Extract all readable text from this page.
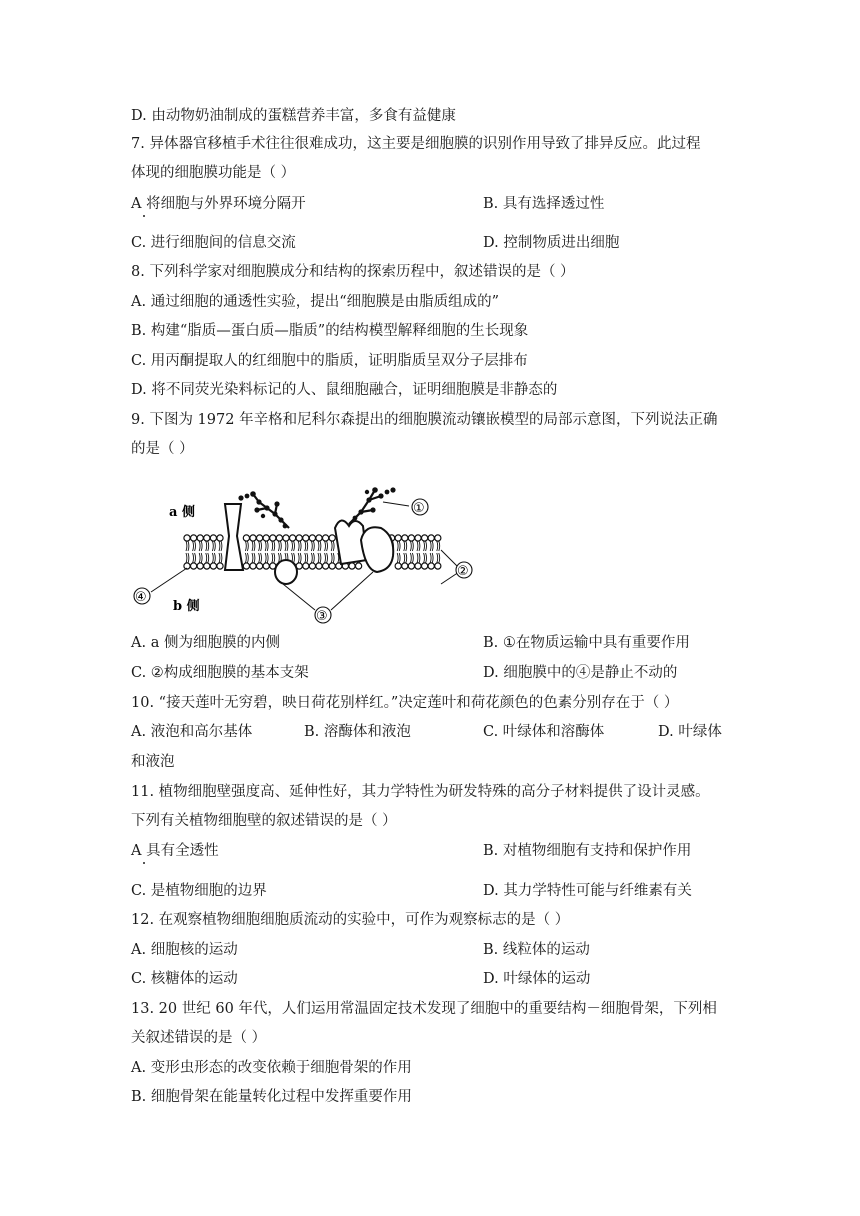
D. 由动物奶油制成的蛋糕营养丰富，多食有益健康
7. 异体器官移植手术往往很难成功，这主要是细胞膜的识别作用导致了排异反应。此过程
体现的细胞膜功能是（ ）
A 将细胞与外界环境分隔开	B. 具有选择透过性
C. 进行细胞间的信息交流	D. 控制物质进出细胞
8. 下列科学家对细胞膜成分和结构的探索历程中，叙述错误的是（ ）
A. 通过细胞的通透性实验，提出“细胞膜是由脂质组成的”
B. 构建“脂质—蛋白质—脂质”的结构模型解释细胞的生长现象
C. 用丙酮提取人的红细胞中的脂质，证明脂质呈双分子层排布
D. 将不同荧光染料标记的人、鼠细胞融合，证明细胞膜是非静态的
9. 下图为 1972 年辛格和尼科尔森提出的细胞膜流动镶嵌模型的局部示意图，下列说法正确
的是（ ）
a 侧
b 侧
①
②
③
④
A. a 侧为细胞膜的内侧	B. ①在物质运输中具有重要作用
C. ②构成细胞膜的基本支架	D. 细胞膜中的④是静止不动的
10. “接天莲叶无穷碧，映日荷花别样红。”决定莲叶和荷花颜色的色素分别存在于（ ）
A. 液泡和高尔基体	B. 溶酶体和液泡	C. 叶绿体和溶酶体	D. 叶绿体
和液泡
11. 植物细胞壁强度高、延伸性好，其力学特性为研发特殊的高分子材料提供了设计灵感。
下列有关植物细胞壁的叙述错误的是（ ）
A 具有全透性	B. 对植物细胞有支持和保护作用
C. 是植物细胞的边界	D. 其力学特性可能与纤维素有关
12. 在观察植物细胞细胞质流动的实验中，可作为观察标志的是（ ）
A. 细胞核的运动	B. 线粒体的运动
C. 核糖体的运动	D. 叶绿体的运动
13. 20 世纪 60 年代，人们运用常温固定技术发现了细胞中的重要结构－细胞骨架，下列相
关叙述错误的是（ ）
A. 变形虫形态的改变依赖于细胞骨架的作用
B. 细胞骨架在能量转化过程中发挥重要作用
